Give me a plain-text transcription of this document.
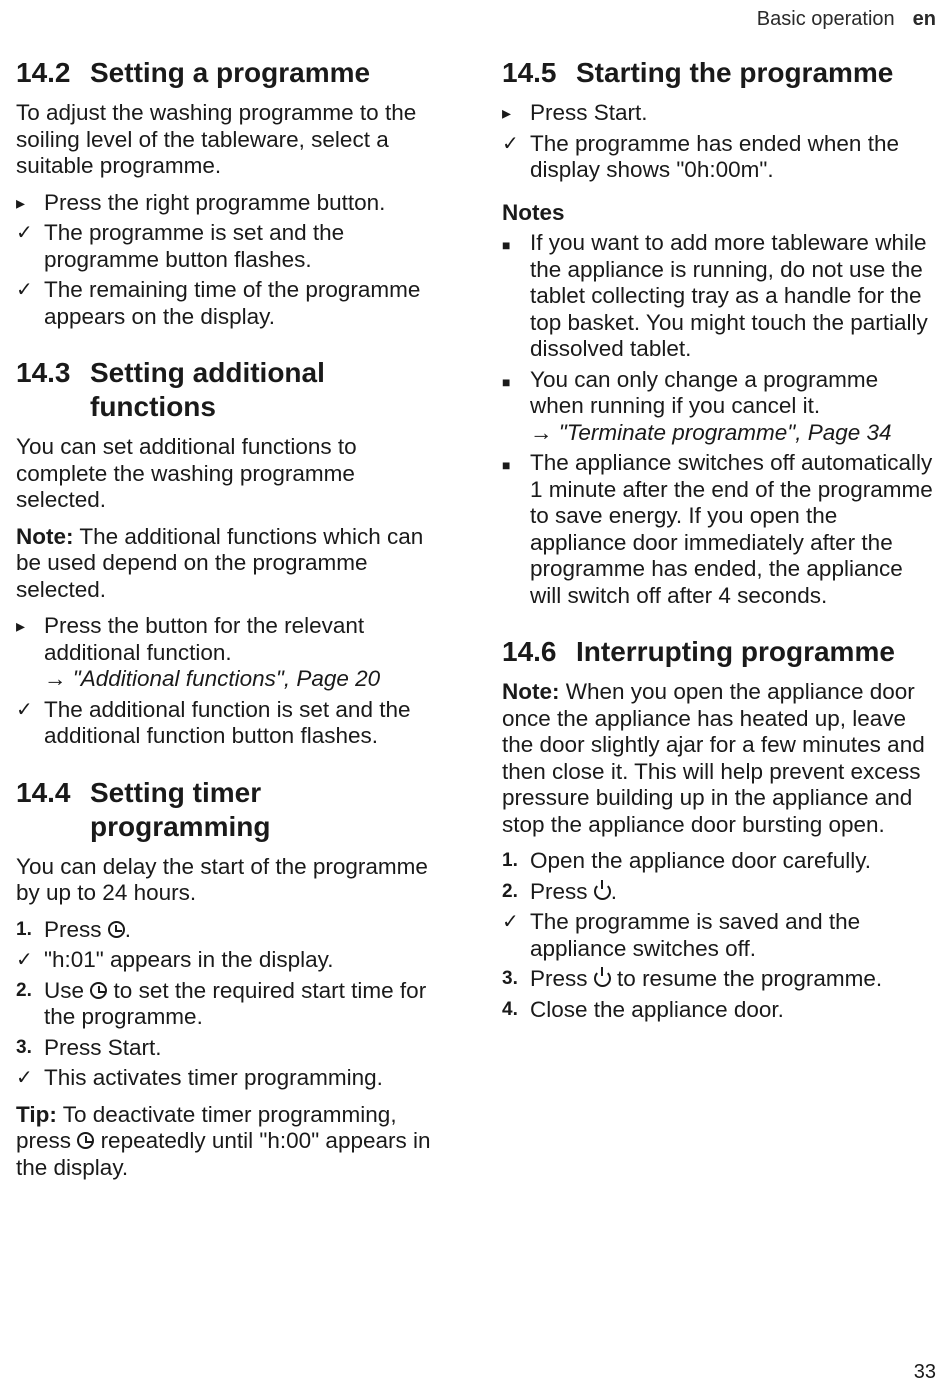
Basic operation en
14.2 Setting a programme

To adjust the washing programme to the soiling level of the tableware, select a suitable programme.

▸ Press the right programme button.
✓ The programme is set and the programme button flashes.
✓ The remaining time of the programme appears on the display.
14.3 Setting additional functions

You can set additional functions to complete the washing programme selected.

Note: The additional functions which can be used depend on the programme selected.

▸ Press the button for the relevant additional function.
→ "Additional functions", Page 20
✓ The additional function is set and the additional function button flashes.
14.4 Setting timer programming

You can delay the start of the programme by up to 24 hours.

1. Press .
✓ "h:01" appears in the display.
2. Use to set the required start time for the programme.
3. Press Start.
✓ This activates timer programming.

Tip: To deactivate timer programming, press repeatedly until "h:00" appears in the display.

14.5 Starting the programme
▸ Press Start.
✓ The programme has ended when the display shows "0h:00m".
Notes
■ If you want to add more tableware while the appliance is running, do not use the tablet collecting tray as a handle for the top basket. You might touch the partially dissolved tablet.
■ You can only change a programme when running if you cancel it.
→ "Terminate programme", Page 34
■ The appliance switches off automatically 1 minute after the end of the programme to save energy. If you open the appliance door immediately after the programme has ended, the appliance will switch off after 4 seconds.
14.6 Interrupting programme

Note: When you open the appliance door once the appliance has heated up, leave the door slightly ajar for a few minutes and then close it. This will help prevent excess pressure building up in the appliance and stop the appliance door bursting open.

1. Open the appliance door carefully.
2. Press .
✓ The programme is saved and the appliance switches off.
3. Press to resume the programme.
4. Close the appliance door.
33
